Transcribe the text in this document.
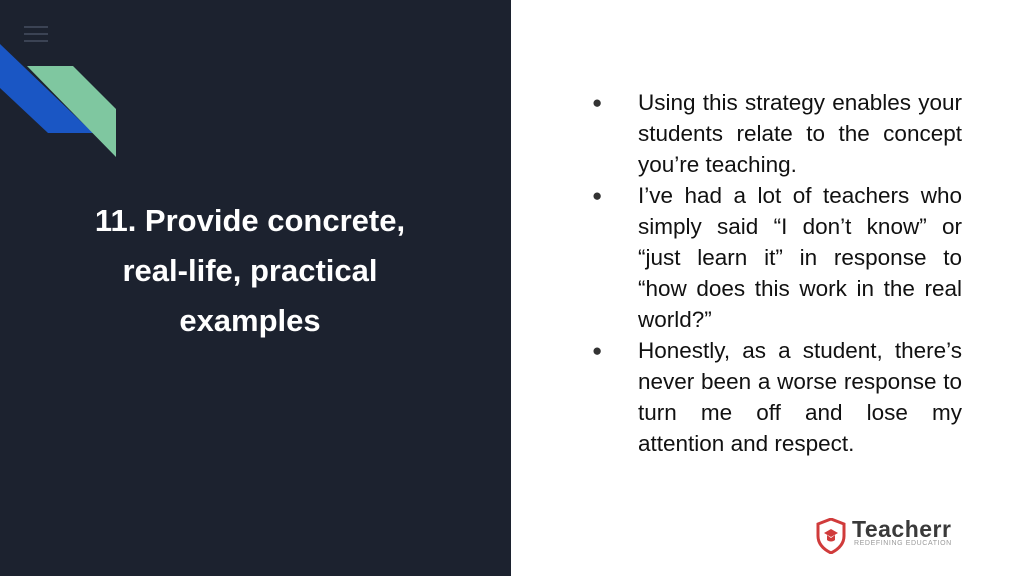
11. Provide concrete,
real-life, practical
examples
● Using this strategy enables your students relate to the concept you’re teaching.
● I’ve had a lot of teachers who simply said “I don’t know” or “just learn it” in response to “how does this work in the real world?”
● Honestly, as a student, there’s never been a worse response to turn me off and lose my attention and respect.
Teacherr
REDEFINING EDUCATION
